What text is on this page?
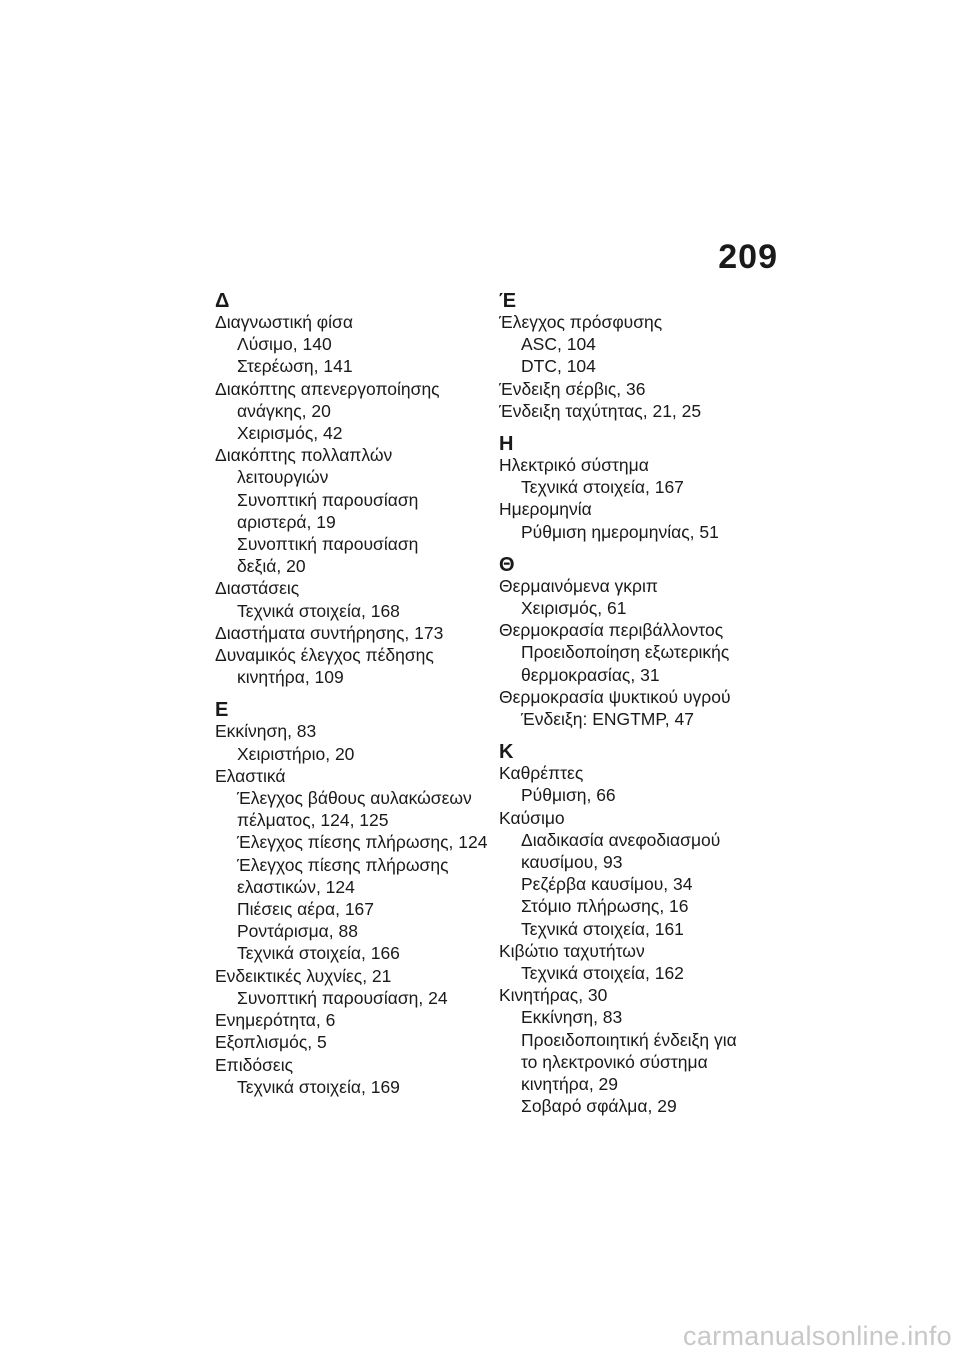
209
Δ
Διαγνωστική φίσα
Λύσιμο, 140
Στερέωση, 141
Διακόπτης απενεργοποίησης
ανάγκης, 20
Χειρισμός, 42
Διακόπτης πολλαπλών
λειτουργιών
Συνοπτική παρουσίαση
αριστερά, 19
Συνοπτική παρουσίαση
δεξιά, 20
Διαστάσεις
Τεχνικά στοιχεία, 168
Διαστήματα συντήρησης, 173
Δυναμικός έλεγχος πέδησης
κινητήρα, 109
Ε
Εκκίνηση, 83
Χειριστήριο, 20
Ελαστικά
Έλεγχος βάθους αυλακώσεων
πέλματος, 124, 125
Έλεγχος πίεσης πλήρωσης, 124
Έλεγχος πίεσης πλήρωσης
ελαστικών, 124
Πιέσεις αέρα, 167
Ροντάρισμα, 88
Τεχνικά στοιχεία, 166
Ενδεικτικές λυχνίες, 21
Συνοπτική παρουσίαση, 24
Ενημερότητα, 6
Εξοπλισμός, 5
Επιδόσεις
Τεχνικά στοιχεία, 169
Έ
Έλεγχος πρόσφυσης
ASC, 104
DTC, 104
Ένδειξη σέρβις, 36
Ένδειξη ταχύτητας, 21, 25
Η
Ηλεκτρικό σύστημα
Τεχνικά στοιχεία, 167
Ημερομηνία
Ρύθμιση ημερομηνίας, 51
Θ
Θερμαινόμενα γκριπ
Χειρισμός, 61
Θερμοκρασία περιβάλλοντος
Προειδοποίηση εξωτερικής
θερμοκρασίας, 31
Θερμοκρασία ψυκτικού υγρού
Ένδειξη: ENGTMP, 47
Κ
Καθρέπτες
Ρύθμιση, 66
Καύσιμο
Διαδικασία ανεφοδιασμού
καυσίμου, 93
Ρεζέρβα καυσίμου, 34
Στόμιο πλήρωσης, 16
Τεχνικά στοιχεία, 161
Κιβώτιο ταχυτήτων
Τεχνικά στοιχεία, 162
Κινητήρας, 30
Εκκίνηση, 83
Προειδοποιητική ένδειξη για
το ηλεκτρονικό σύστημα
κινητήρα, 29
Σοβαρό σφάλμα, 29
carmanualsonline.info
